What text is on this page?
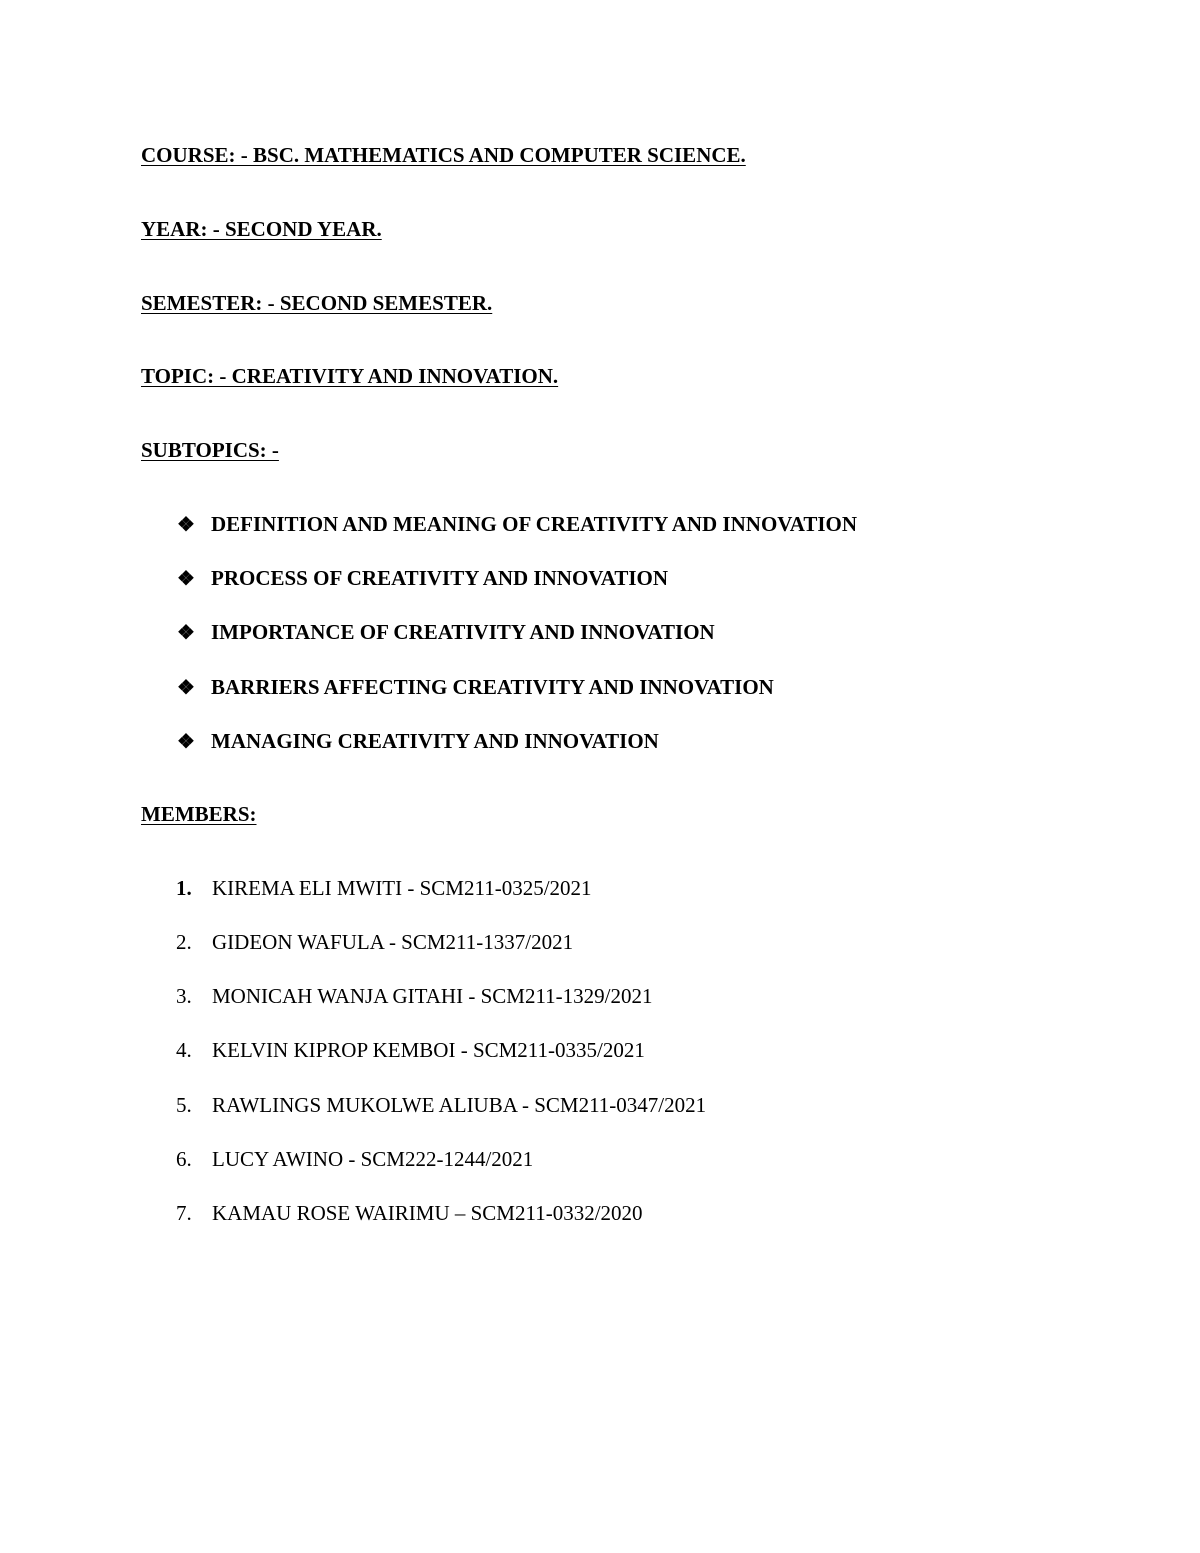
COURSE: - BSC. MATHEMATICS AND COMPUTER SCIENCE.
YEAR: - SECOND YEAR.
SEMESTER: - SECOND SEMESTER.
TOPIC: - CREATIVITY AND INNOVATION.
SUBTOPICS: -
❖ DEFINITION AND MEANING OF CREATIVITY AND INNOVATION
❖ PROCESS OF CREATIVITY AND INNOVATION
❖ IMPORTANCE OF CREATIVITY AND INNOVATION
❖ BARRIERS AFFECTING CREATIVITY AND INNOVATION
❖ MANAGING CREATIVITY AND INNOVATION
MEMBERS:
1. KIREMA ELI MWITI - SCM211-0325/2021
2. GIDEON WAFULA - SCM211-1337/2021
3. MONICAH WANJA GITAHI - SCM211-1329/2021
4. KELVIN KIPROP KEMBOI - SCM211-0335/2021
5. RAWLINGS MUKOLWE ALIUBA - SCM211-0347/2021
6. LUCY AWINO - SCM222-1244/2021
7. KAMAU ROSE WAIRIMU – SCM211-0332/2020
